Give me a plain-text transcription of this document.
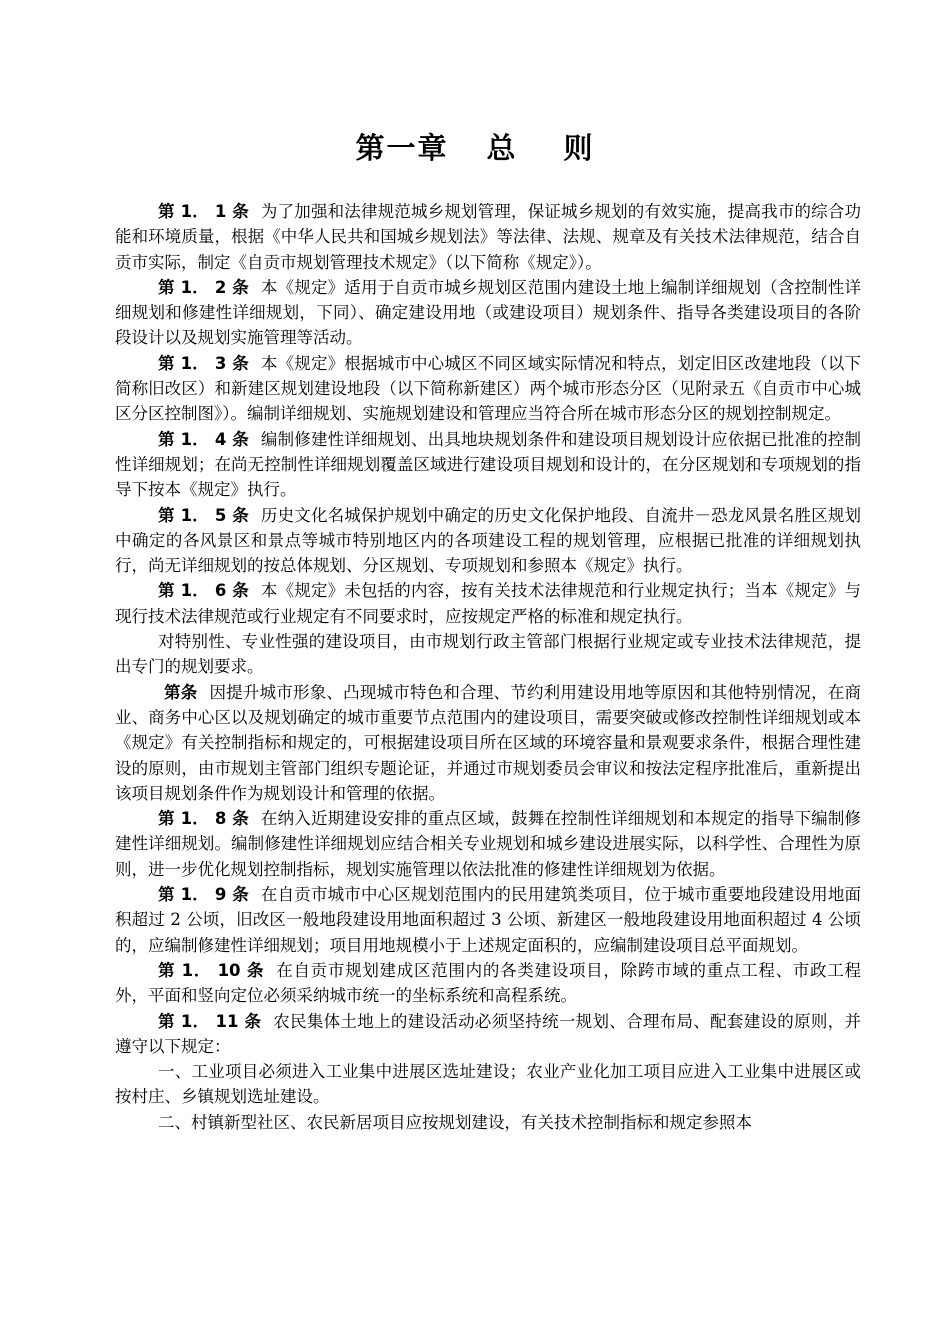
第一章 总 则

第 1． 1 条 为了加强和法律规范城乡规划管理，保证城乡规划的有效实施，提高我市的综合功能和环境质量，根据《中华人民共和国城乡规划法》等法律、法规、规章及有关技术法律规范，结合自贡市实际，制定《自贡市规划管理技术规定》（以下简称《规定》）。

第 1． 2 条 本《规定》适用于自贡市城乡规划区范围内建设土地上编制详细规划（含控制性详细规划和修建性详细规划，下同）、确定建设用地（或建设项目）规划条件、指导各类建设项目的各阶段设计以及规划实施管理等活动。

第 1． 3 条 本《规定》根据城市中心城区不同区域实际情况和特点，划定旧区改建地段（以下简称旧改区）和新建区规划建设地段（以下简称新建区）两个城市形态分区（见附录五《自贡市中心城区分区控制图》）。编制详细规划、实施规划建设和管理应当符合所在城市形态分区的规划控制规定。

第 1． 4 条 编制修建性详细规划、出具地块规划条件和建设项目规划设计应依据已批准的控制性详细规划；在尚无控制性详细规划覆盖区域进行建设项目规划和设计的，在分区规划和专项规划的指导下按本《规定》执行。

第 1． 5 条 历史文化名城保护规划中确定的历史文化保护地段、自流井－恐龙风景名胜区规划中确定的各风景区和景点等城市特别地区内的各项建设工程的规划管理，应根据已批准的详细规划执行，尚无详细规划的按总体规划、分区规划、专项规划和参照本《规定》执行。

第 1． 6 条 本《规定》未包括的内容，按有关技术法律规范和行业规定执行；当本《规定》与现行技术法律规范或行业规定有不同要求时，应按规定严格的标准和规定执行。

对特别性、专业性强的建设项目，由市规划行政主管部门根据行业规定或专业技术法律规范，提出专门的规划要求。

第条 因提升城市形象、凸现城市特色和合理、节约利用建设用地等原因和其他特别情况，在商业、商务中心区以及规划确定的城市重要节点范围内的建设项目，需要突破或修改控制性详细规划或本《规定》有关控制指标和规定的，可根据建设项目所在区域的环境容量和景观要求条件，根据合理性建设的原则，由市规划主管部门组织专题论证，并通过市规划委员会审议和按法定程序批准后，重新提出该项目规划条件作为规划设计和管理的依据。

第 1． 8 条 在纳入近期建设安排的重点区域，鼓舞在控制性详细规划和本规定的指导下编制修建性详细规划。编制修建性详细规划应结合相关专业规划和城乡建设进展实际，以科学性、合理性为原则，进一步优化规划控制指标，规划实施管理以依法批准的修建性详细规划为依据。

第 1． 9 条 在自贡市城市中心区规划范围内的民用建筑类项目，位于城市重要地段建设用地面积超过 2 公顷，旧改区一般地段建设用地面积超过 3 公顷、新建区一般地段建设用地面积超过 4 公顷的，应编制修建性详细规划；项目用地规模小于上述规定面积的，应编制建设项目总平面规划。

第 1． 10 条 在自贡市规划建成区范围内的各类建设项目，除跨市域的重点工程、市政工程外，平面和竖向定位必须采纳城市统一的坐标系统和高程系统。

第 1． 11 条 农民集体土地上的建设活动必须坚持统一规划、合理布局、配套建设的原则，并遵守以下规定：

一、工业项目必须进入工业集中进展区选址建设；农业产业化加工项目应进入工业集中进展区或按村庄、乡镇规划选址建设。

二、村镇新型社区、农民新居项目应按规划建设，有关技术控制指标和规定参照本
